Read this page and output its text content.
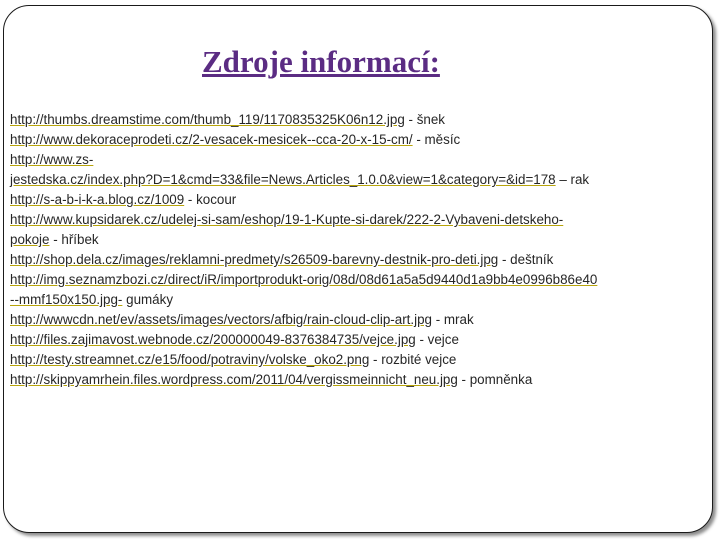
Zdroje informací:
http://thumbs.dreamstime.com/thumb_119/1170835325K06n12.jpg - šnek
http://www.dekoraceprodeti.cz/2-vesacek-mesicek--cca-20-x-15-cm/ - měsíc
http://www.zs-
jestedska.cz/index.php?D=1&cmd=33&file=News.Articles_1.0.0&view=1&category=&id=178 – rak
http://s-a-b-i-k-a.blog.cz/1009 - kocour
http://www.kupsidarek.cz/udelej-si-sam/eshop/19-1-Kupte-si-darek/222-2-Vybaveni-detskeho-
pokoje - hříbek
http://shop.dela.cz/images/reklamni-predmety/s26509-barevny-destnik-pro-deti.jpg - deštník
http://img.seznamzbozi.cz/direct/iR/importprodukt-orig/08d/08d61a5a5d9440d1a9bb4e0996b86e40
--mmf150x150.jpg- gumáky
http://wwwcdn.net/ev/assets/images/vectors/afbig/rain-cloud-clip-art.jpg - mrak
http://files.zajimavost.webnode.cz/200000049-8376384735/vejce.jpg - vejce
http://testy.streamnet.cz/e15/food/potraviny/volske_oko2.png - rozbité vejce
http://skippyamrhein.files.wordpress.com/2011/04/vergissmeinnicht_neu.jpg - pomněnka
